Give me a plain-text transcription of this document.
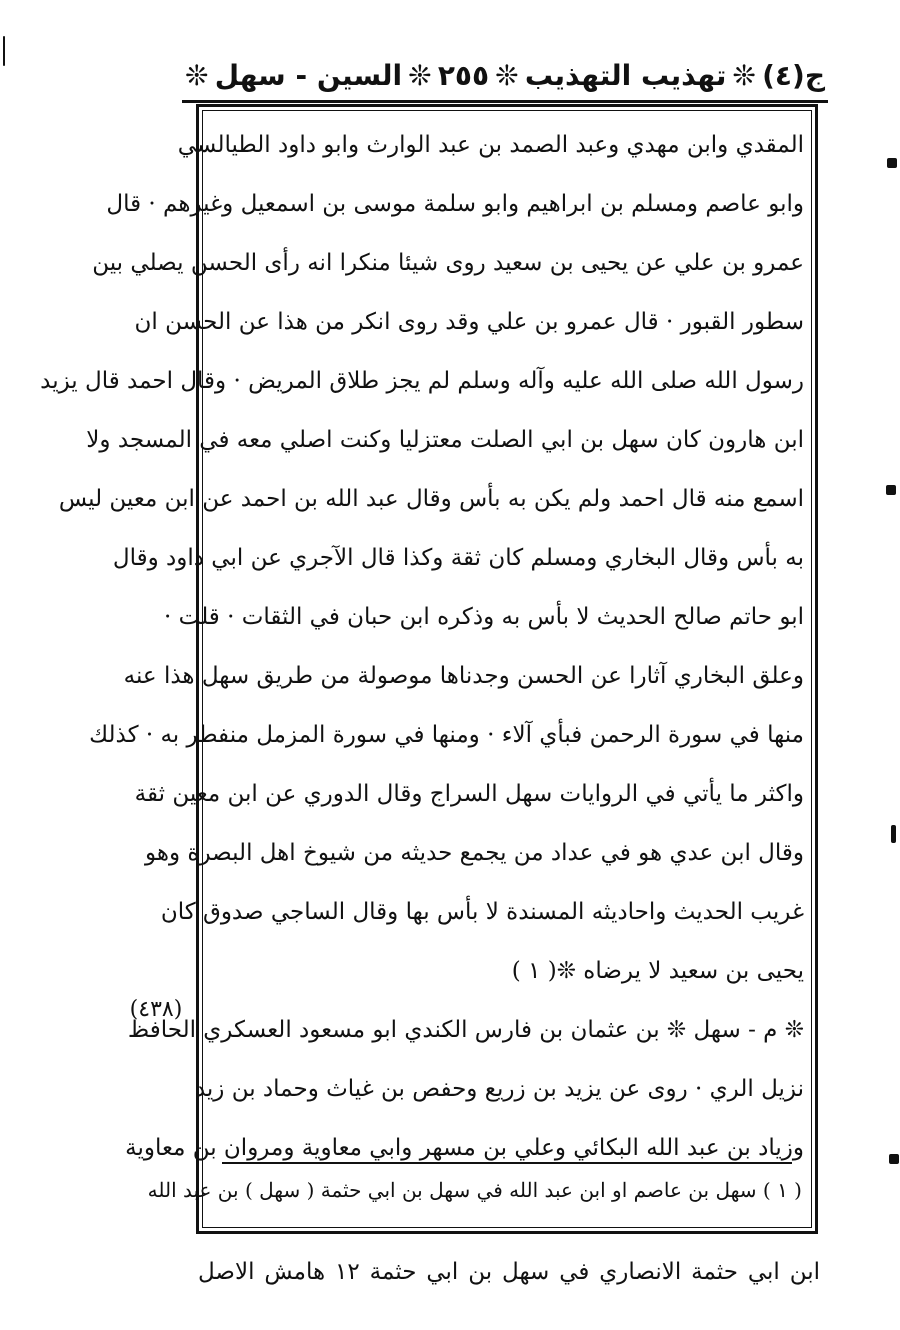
ج(٤)
❊
تهذيب التهذيب
❊
٢٥٥
❊
السين - سهل
❊
المقدي وابن مهدي وعبد الصمد بن عبد الوارث وابو داود الطيالسي
وابو عاصم ومسلم بن ابراهيم وابو سلمة موسى بن اسمعيل وغيرهم · قال
عمرو بن علي عن يحيى بن سعيد روى شيئا منكرا انه رأى الحسن يصلي بين
سطور القبور · قال عمرو بن علي وقد روى انكر من هذا عن الحسن ان
رسول الله صلى الله عليه وآله وسلم لم يجز طلاق المريض · وقال احمد قال يزيد
ابن هارون كان سهل بن ابي الصلت معتزليا وكنت اصلي معه في المسجد ولا
اسمع منه قال احمد ولم يكن به بأس وقال عبد الله بن احمد عن ابن معين ليس
به بأس وقال البخاري ومسلم كان ثقة وكذا قال الآجري عن ابي داود وقال
ابو حاتم صالح الحديث لا بأس به وذكره ابن حبان في الثقات · قلت ·
وعلق البخاري آثارا عن الحسن وجدناها موصولة من طريق سهل هذا عنه
منها في سورة الرحمن فبأي آلاء · ومنها في سورة المزمل منفطر به · كذلك
واكثر ما يأتي في الروايات سهل السراج وقال الدوري عن ابن معين ثقة
وقال ابن عدي هو في عداد من يجمع حديثه من شيوخ اهل البصرة وهو
غريب الحديث واحاديثه المسندة لا بأس بها وقال الساجي صدوق كان
يحيى بن سعيد لا يرضاه ❊( ١ )
❊ م - سهل ❊ بن عثمان بن فارس الكندي ابو مسعود العسكري الحافظ
نزيل الري · روى عن يزيد بن زريع وحفص بن غياث وحماد بن زيد
وزياد بن عبد الله البكائي وعلي بن مسهر وابي معاوية ومروان بن معاوية
(٤٣٨)
( ١ ) سهل بن عاصم او ابن عبد الله في سهل بن ابي حثمة ( سهل ) بن عبد الله
ابن ابي حثمة الانصاري في سهل بن ابي حثمة ١٢ هامش الاصل
